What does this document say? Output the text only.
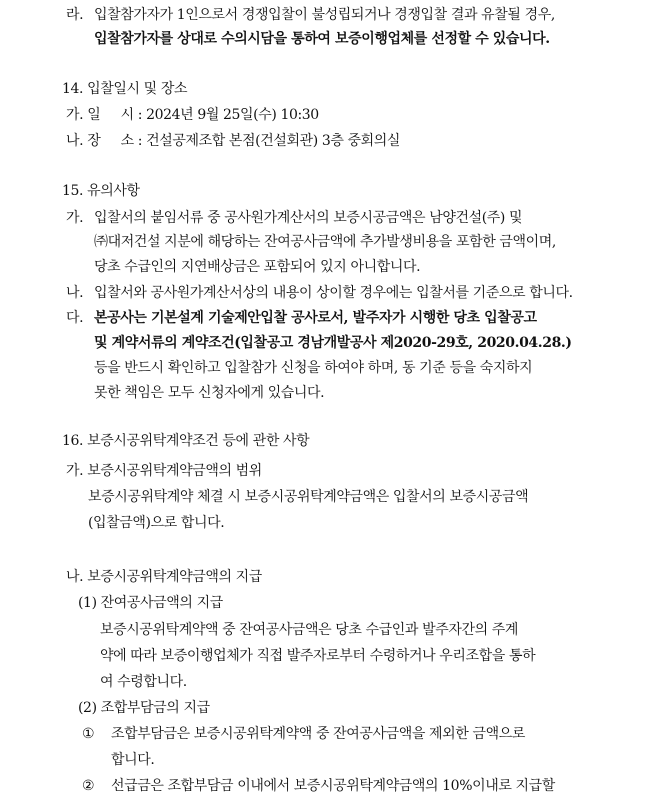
라. 입찰참가자가 1인으로서 경쟁입찰이 불성립되거나 경쟁입찰 결과 유찰될 경우,
입찰참가자를 상대로 수의시담을 통하여 보증이행업체를 선정할 수 있습니다.
14. 입찰일시 및 장소
가. 일     시 : 2024년 9월 25일(수) 10:30
나. 장     소 : 건설공제조합 본점(건설회관) 3층 중회의실
15. 유의사항
가. 입찰서의 붙임서류 중 공사원가계산서의 보증시공금액은 남양건설(주) 및
㈜대저건설 지분에 해당하는 잔여공사금액에 추가발생비용을 포함한 금액이며,
당초 수급인의 지연배상금은 포함되어 있지 아니합니다.
나. 입찰서와 공사원가계산서상의 내용이 상이할 경우에는 입찰서를 기준으로 합니다.
다. 본공사는 기본설계 기술제안입찰 공사로서, 발주자가 시행한 당초 입찰공고
및 계약서류의 계약조건(입찰공고 경남개발공사 제2020-29호, 2020.04.28.)
등을 반드시 확인하고 입찰참가 신청을 하여야 하며, 동 기준 등을 숙지하지
못한 책임은 모두 신청자에게 있습니다.
16. 보증시공위탁계약조건 등에 관한 사항
가. 보증시공위탁계약금액의 범위
보증시공위탁계약 체결 시 보증시공위탁계약금액은 입찰서의 보증시공금액
(입찰금액)으로 합니다.
나. 보증시공위탁계약금액의 지급
(1) 잔여공사금액의 지급
보증시공위탁계약액 중 잔여공사금액은 당초 수급인과 발주자간의 주계
약에 따라 보증이행업체가 직접 발주자로부터 수령하거나 우리조합을 통하
여 수령합니다.
(2) 조합부담금의 지급
① 조합부담금은 보증시공위탁계약액 중 잔여공사금액을 제외한 금액으로
합니다.
② 선급금은 조합부담금 이내에서 보증시공위탁계약금액의 10%이내로 지급할
